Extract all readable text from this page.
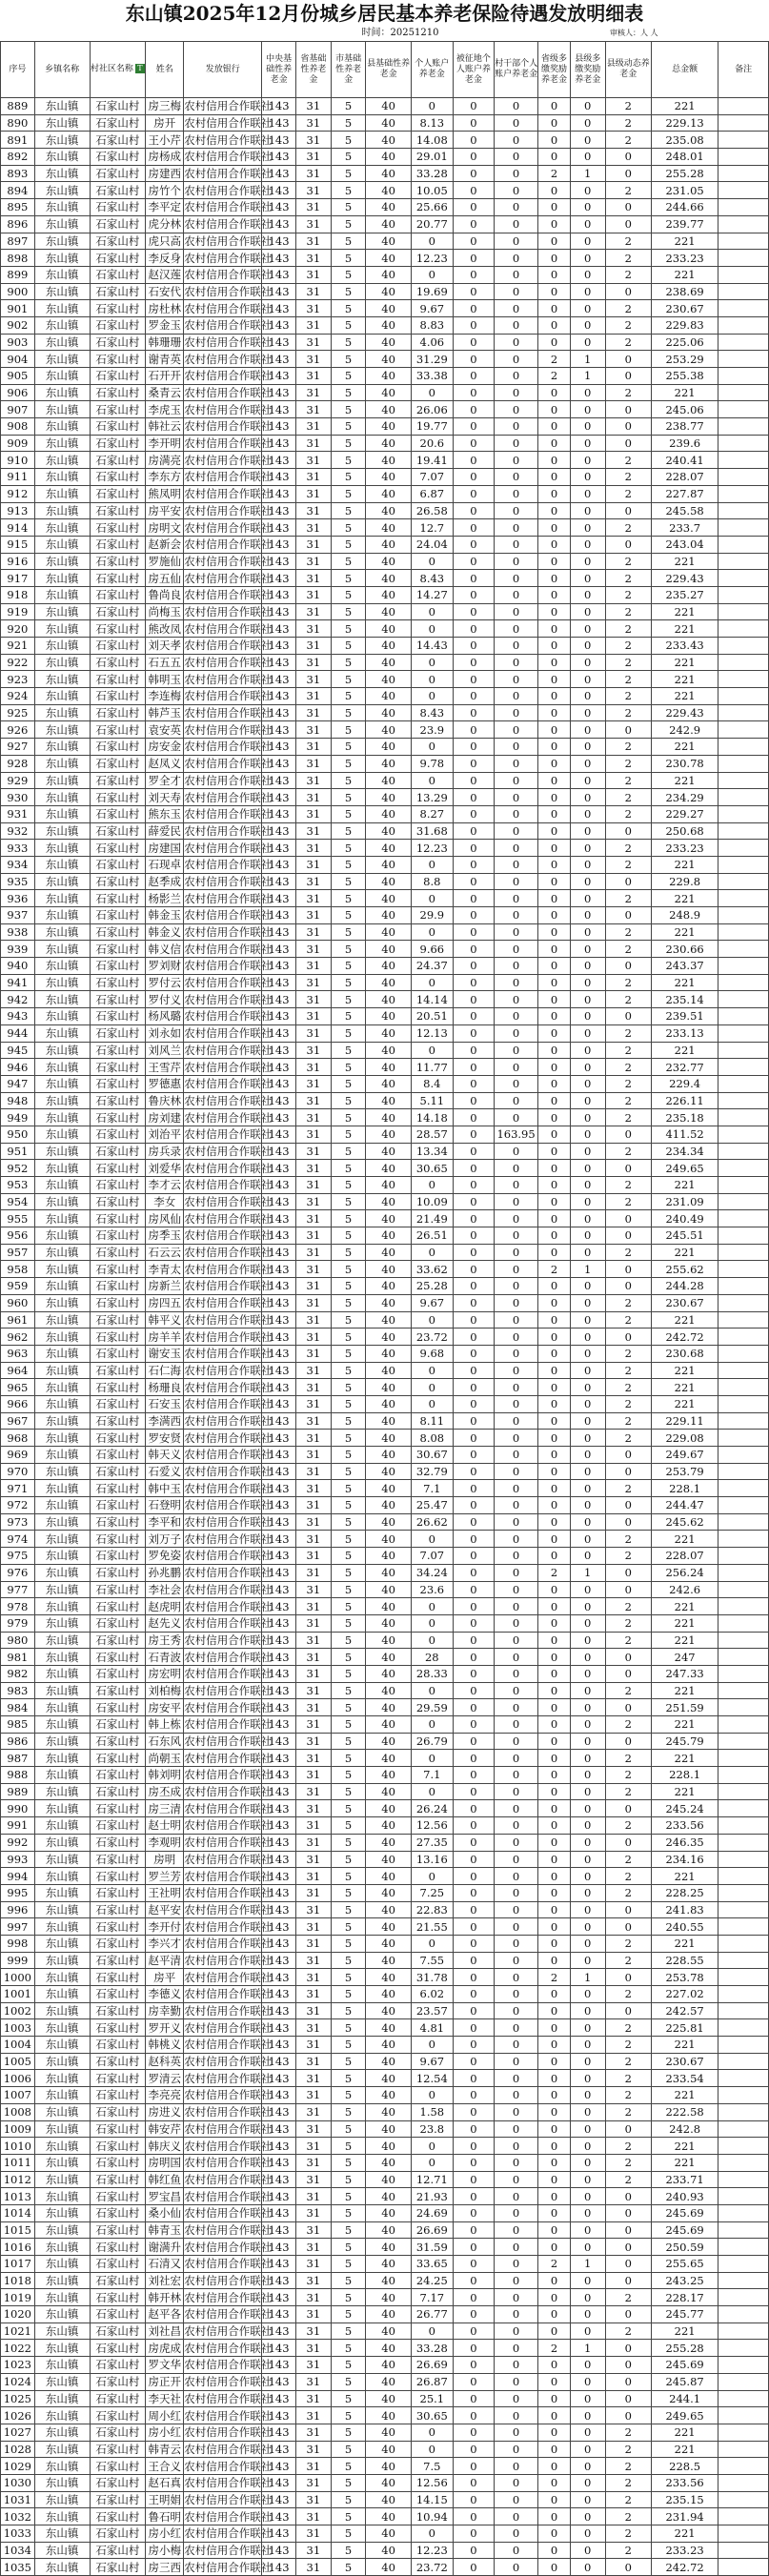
东山镇2025年12月份城乡居民基本养老保险待遇发放明细表
时间：20251210	审核人：人 人
序号	乡镇名称	村社区名称 T	姓名	发放银行	中央基础性养老金	省基础性养老金	市基础性养老金	县基础性养老金	个人账户养老金	被征地个人账户养老金	村干部个人账户养老金	省级多缴奖励养老金	县级多缴奖励养老金	县级动态养老金	总金额	备注
889	东山镇	石家山村	房三梅	农村信用合作联社	143	31	5	40	0	0	0	0	0	2	221	
890	东山镇	石家山村	房开	农村信用合作联社	143	31	5	40	8.13	0	0	0	0	2	229.13	
891	东山镇	石家山村	王小芹	农村信用合作联社	143	31	5	40	14.08	0	0	0	0	2	235.08	
892	东山镇	石家山村	房杨成	农村信用合作联社	143	31	5	40	29.01	0	0	0	0	0	248.01	
893	东山镇	石家山村	房建西	农村信用合作联社	143	31	5	40	33.28	0	0	2	1	0	255.28	
894	东山镇	石家山村	房竹个	农村信用合作联社	143	31	5	40	10.05	0	0	0	0	2	231.05	
895	东山镇	石家山村	李平定	农村信用合作联社	143	31	5	40	25.66	0	0	0	0	0	244.66	
896	东山镇	石家山村	虎分林	农村信用合作联社	143	31	5	40	20.77	0	0	0	0	0	239.77	
897	东山镇	石家山村	虎只高	农村信用合作联社	143	31	5	40	0	0	0	0	0	2	221	
898	东山镇	石家山村	李反身	农村信用合作联社	143	31	5	40	12.23	0	0	0	0	2	233.23	
899	东山镇	石家山村	赵汉莲	农村信用合作联社	143	31	5	40	0	0	0	0	0	2	221	
900	东山镇	石家山村	石安代	农村信用合作联社	143	31	5	40	19.69	0	0	0	0	0	238.69	
901	东山镇	石家山村	房杜林	农村信用合作联社	143	31	5	40	9.67	0	0	0	0	2	230.67	
902	东山镇	石家山村	罗金玉	农村信用合作联社	143	31	5	40	8.83	0	0	0	0	2	229.83	
903	东山镇	石家山村	韩珊珊	农村信用合作联社	143	31	5	40	4.06	0	0	0	0	2	225.06	
904	东山镇	石家山村	谢青英	农村信用合作联社	143	31	5	40	31.29	0	0	2	1	0	253.29	
905	东山镇	石家山村	石开开	农村信用合作联社	143	31	5	40	33.38	0	0	2	1	0	255.38	
906	东山镇	石家山村	桑青云	农村信用合作联社	143	31	5	40	0	0	0	0	0	2	221	
907	东山镇	石家山村	李虎玉	农村信用合作联社	143	31	5	40	26.06	0	0	0	0	0	245.06	
908	东山镇	石家山村	韩社云	农村信用合作联社	143	31	5	40	19.77	0	0	0	0	0	238.77	
909	东山镇	石家山村	李开明	农村信用合作联社	143	31	5	40	20.6	0	0	0	0	0	239.6	
910	东山镇	石家山村	房满亮	农村信用合作联社	143	31	5	40	19.41	0	0	0	0	2	240.41	
911	东山镇	石家山村	李东方	农村信用合作联社	143	31	5	40	7.07	0	0	0	0	2	228.07	
912	东山镇	石家山村	熊凤明	农村信用合作联社	143	31	5	40	6.87	0	0	0	0	2	227.87	
913	东山镇	石家山村	房平安	农村信用合作联社	143	31	5	40	26.58	0	0	0	0	0	245.58	
914	东山镇	石家山村	房明文	农村信用合作联社	143	31	5	40	12.7	0	0	0	0	2	233.7	
915	东山镇	石家山村	赵新会	农村信用合作联社	143	31	5	40	24.04	0	0	0	0	0	243.04	
916	东山镇	石家山村	罗施仙	农村信用合作联社	143	31	5	40	0	0	0	0	0	2	221	
917	东山镇	石家山村	房五仙	农村信用合作联社	143	31	5	40	8.43	0	0	0	0	2	229.43	
918	东山镇	石家山村	鲁尚良	农村信用合作联社	143	31	5	40	14.27	0	0	0	0	2	235.27	
919	东山镇	石家山村	尚梅玉	农村信用合作联社	143	31	5	40	0	0	0	0	0	2	221	
920	东山镇	石家山村	熊改凤	农村信用合作联社	143	31	5	40	0	0	0	0	0	2	221	
921	东山镇	石家山村	刘天孝	农村信用合作联社	143	31	5	40	14.43	0	0	0	0	2	233.43	
922	东山镇	石家山村	石五五	农村信用合作联社	143	31	5	40	0	0	0	0	0	2	221	
923	东山镇	石家山村	韩明玉	农村信用合作联社	143	31	5	40	0	0	0	0	0	2	221	
924	东山镇	石家山村	李连梅	农村信用合作联社	143	31	5	40	0	0	0	0	0	2	221	
925	东山镇	石家山村	韩芦玉	农村信用合作联社	143	31	5	40	8.43	0	0	0	0	2	229.43	
926	东山镇	石家山村	袁安英	农村信用合作联社	143	31	5	40	23.9	0	0	0	0	0	242.9	
927	东山镇	石家山村	房安金	农村信用合作联社	143	31	5	40	0	0	0	0	0	2	221	
928	东山镇	石家山村	赵凤义	农村信用合作联社	143	31	5	40	9.78	0	0	0	0	2	230.78	
929	东山镇	石家山村	罗全才	农村信用合作联社	143	31	5	40	0	0	0	0	0	2	221	
930	东山镇	石家山村	刘天寿	农村信用合作联社	143	31	5	40	13.29	0	0	0	0	2	234.29	
931	东山镇	石家山村	熊东玉	农村信用合作联社	143	31	5	40	8.27	0	0	0	0	2	229.27	
932	东山镇	石家山村	薛爱民	农村信用合作联社	143	31	5	40	31.68	0	0	0	0	0	250.68	
933	东山镇	石家山村	房建国	农村信用合作联社	143	31	5	40	12.23	0	0	0	0	2	233.23	
934	东山镇	石家山村	石现卓	农村信用合作联社	143	31	5	40	0	0	0	0	0	2	221	
935	东山镇	石家山村	赵季成	农村信用合作联社	143	31	5	40	8.8	0	0	0	0	0	229.8	
936	东山镇	石家山村	杨影兰	农村信用合作联社	143	31	5	40	0	0	0	0	0	2	221	
937	东山镇	石家山村	韩金玉	农村信用合作联社	143	31	5	40	29.9	0	0	0	0	0	248.9	
938	东山镇	石家山村	韩金义	农村信用合作联社	143	31	5	40	0	0	0	0	0	2	221	
939	东山镇	石家山村	韩义信	农村信用合作联社	143	31	5	40	9.66	0	0	0	0	2	230.66	
940	东山镇	石家山村	罗刘财	农村信用合作联社	143	31	5	40	24.37	0	0	0	0	0	243.37	
941	东山镇	石家山村	罗付云	农村信用合作联社	143	31	5	40	0	0	0	0	0	2	221	
942	东山镇	石家山村	罗付义	农村信用合作联社	143	31	5	40	14.14	0	0	0	0	2	235.14	
943	东山镇	石家山村	杨风璐	农村信用合作联社	143	31	5	40	20.51	0	0	0	0	0	239.51	
944	东山镇	石家山村	刘永如	农村信用合作联社	143	31	5	40	12.13	0	0	0	0	2	233.13	
945	东山镇	石家山村	刘风兰	农村信用合作联社	143	31	5	40	0	0	0	0	0	2	221	
946	东山镇	石家山村	王雪芹	农村信用合作联社	143	31	5	40	11.77	0	0	0	0	2	232.77	
947	东山镇	石家山村	罗德惠	农村信用合作联社	143	31	5	40	8.4	0	0	0	0	2	229.4	
948	东山镇	石家山村	鲁庆林	农村信用合作联社	143	31	5	40	5.11	0	0	0	0	2	226.11	
949	东山镇	石家山村	房刘建	农村信用合作联社	143	31	5	40	14.18	0	0	0	0	2	235.18	
950	东山镇	石家山村	刘治平	农村信用合作联社	143	31	5	40	28.57	0	163.95	0	0	0	411.52	
951	东山镇	石家山村	房兵录	农村信用合作联社	143	31	5	40	13.34	0	0	0	0	2	234.34	
952	东山镇	石家山村	刘爱华	农村信用合作联社	143	31	5	40	30.65	0	0	0	0	0	249.65	
953	东山镇	石家山村	李才云	农村信用合作联社	143	31	5	40	0	0	0	0	0	2	221	
954	东山镇	石家山村	李女	农村信用合作联社	143	31	5	40	10.09	0	0	0	0	2	231.09	
955	东山镇	石家山村	房风仙	农村信用合作联社	143	31	5	40	21.49	0	0	0	0	0	240.49	
956	东山镇	石家山村	房季玉	农村信用合作联社	143	31	5	40	26.51	0	0	0	0	0	245.51	
957	东山镇	石家山村	石云云	农村信用合作联社	143	31	5	40	0	0	0	0	0	2	221	
958	东山镇	石家山村	李青太	农村信用合作联社	143	31	5	40	33.62	0	0	2	1	0	255.62	
959	东山镇	石家山村	房新兰	农村信用合作联社	143	31	5	40	25.28	0	0	0	0	0	244.28	
960	东山镇	石家山村	房四五	农村信用合作联社	143	31	5	40	9.67	0	0	0	0	2	230.67	
961	东山镇	石家山村	韩平义	农村信用合作联社	143	31	5	40	0	0	0	0	0	2	221	
962	东山镇	石家山村	房羊羊	农村信用合作联社	143	31	5	40	23.72	0	0	0	0	0	242.72	
963	东山镇	石家山村	谢安玉	农村信用合作联社	143	31	5	40	9.68	0	0	0	0	2	230.68	
964	东山镇	石家山村	石仁海	农村信用合作联社	143	31	5	40	0	0	0	0	0	2	221	
965	东山镇	石家山村	杨珊良	农村信用合作联社	143	31	5	40	0	0	0	0	0	2	221	
966	东山镇	石家山村	石安玉	农村信用合作联社	143	31	5	40	0	0	0	0	0	2	221	
967	东山镇	石家山村	李满西	农村信用合作联社	143	31	5	40	8.11	0	0	0	0	2	229.11	
968	东山镇	石家山村	罗安贤	农村信用合作联社	143	31	5	40	8.08	0	0	0	0	2	229.08	
969	东山镇	石家山村	韩天义	农村信用合作联社	143	31	5	40	30.67	0	0	0	0	0	249.67	
970	东山镇	石家山村	石爱义	农村信用合作联社	143	31	5	40	32.79	0	0	0	0	0	253.79	
971	东山镇	石家山村	韩中玉	农村信用合作联社	143	31	5	40	7.1	0	0	0	0	2	228.1	
972	东山镇	石家山村	石登明	农村信用合作联社	143	31	5	40	25.47	0	0	0	0	0	244.47	
973	东山镇	石家山村	李平和	农村信用合作联社	143	31	5	40	26.62	0	0	0	0	0	245.62	
974	东山镇	石家山村	刘万子	农村信用合作联社	143	31	5	40	0	0	0	0	0	2	221	
975	东山镇	石家山村	罗免姿	农村信用合作联社	143	31	5	40	7.07	0	0	0	0	2	228.07	
976	东山镇	石家山村	孙兆鹏	农村信用合作联社	143	31	5	40	34.24	0	0	2	1	0	256.24	
977	东山镇	石家山村	李社会	农村信用合作联社	143	31	5	40	23.6	0	0	0	0	0	242.6	
978	东山镇	石家山村	赵虎明	农村信用合作联社	143	31	5	40	0	0	0	0	0	2	221	
979	东山镇	石家山村	赵先义	农村信用合作联社	143	31	5	40	0	0	0	0	0	2	221	
980	东山镇	石家山村	房王秀	农村信用合作联社	143	31	5	40	0	0	0	0	0	2	221	
981	东山镇	石家山村	石青波	农村信用合作联社	143	31	5	40	28	0	0	0	0	0	247	
982	东山镇	石家山村	房宏明	农村信用合作联社	143	31	5	40	28.33	0	0	0	0	0	247.33	
983	东山镇	石家山村	刘柏梅	农村信用合作联社	143	31	5	40	0	0	0	0	0	2	221	
984	东山镇	石家山村	房安平	农村信用合作联社	143	31	5	40	29.59	0	0	0	0	0	251.59	
985	东山镇	石家山村	韩上栋	农村信用合作联社	143	31	5	40	0	0	0	0	0	2	221	
986	东山镇	石家山村	石东风	农村信用合作联社	143	31	5	40	26.79	0	0	0	0	0	245.79	
987	东山镇	石家山村	尚朝玉	农村信用合作联社	143	31	5	40	0	0	0	0	0	2	221	
988	东山镇	石家山村	韩刘明	农村信用合作联社	143	31	5	40	7.1	0	0	0	0	2	228.1	
989	东山镇	石家山村	房丕成	农村信用合作联社	143	31	5	40	0	0	0	0	0	2	221	
990	东山镇	石家山村	房三清	农村信用合作联社	143	31	5	40	26.24	0	0	0	0	0	245.24	
991	东山镇	石家山村	赵士明	农村信用合作联社	143	31	5	40	12.56	0	0	0	0	2	233.56	
992	东山镇	石家山村	李观明	农村信用合作联社	143	31	5	40	27.35	0	0	0	0	0	246.35	
993	东山镇	石家山村	房明	农村信用合作联社	143	31	5	40	13.16	0	0	0	0	2	234.16	
994	东山镇	石家山村	罗兰芳	农村信用合作联社	143	31	5	40	0	0	0	0	0	2	221	
995	东山镇	石家山村	王社明	农村信用合作联社	143	31	5	40	7.25	0	0	0	0	2	228.25	
996	东山镇	石家山村	赵平安	农村信用合作联社	143	31	5	40	22.83	0	0	0	0	0	241.83	
997	东山镇	石家山村	李开付	农村信用合作联社	143	31	5	40	21.55	0	0	0	0	0	240.55	
998	东山镇	石家山村	李兴才	农村信用合作联社	143	31	5	40	0	0	0	0	0	2	221	
999	东山镇	石家山村	赵平清	农村信用合作联社	143	31	5	40	7.55	0	0	0	0	2	228.55	
1000	东山镇	石家山村	房平	农村信用合作联社	143	31	5	40	31.78	0	0	2	1	0	253.78	
1001	东山镇	石家山村	李德义	农村信用合作联社	143	31	5	40	6.02	0	0	0	0	2	227.02	
1002	东山镇	石家山村	房幸勤	农村信用合作联社	143	31	5	40	23.57	0	0	0	0	0	242.57	
1003	东山镇	石家山村	罗开义	农村信用合作联社	143	31	5	40	4.81	0	0	0	0	2	225.81	
1004	东山镇	石家山村	韩桃义	农村信用合作联社	143	31	5	40	0	0	0	0	0	2	221	
1005	东山镇	石家山村	赵科英	农村信用合作联社	143	31	5	40	9.67	0	0	0	0	2	230.67	
1006	东山镇	石家山村	罗清云	农村信用合作联社	143	31	5	40	12.54	0	0	0	0	2	233.54	
1007	东山镇	石家山村	李亮亮	农村信用合作联社	143	31	5	40	0	0	0	0	0	2	221	
1008	东山镇	石家山村	房进义	农村信用合作联社	143	31	5	40	1.58	0	0	0	0	2	222.58	
1009	东山镇	石家山村	韩安芹	农村信用合作联社	143	31	5	40	23.8	0	0	0	0	0	242.8	
1010	东山镇	石家山村	韩庆义	农村信用合作联社	143	31	5	40	0	0	0	0	0	2	221	
1011	东山镇	石家山村	房明国	农村信用合作联社	143	31	5	40	0	0	0	0	0	2	221	
1012	东山镇	石家山村	韩红鱼	农村信用合作联社	143	31	5	40	12.71	0	0	0	0	2	233.71	
1013	东山镇	石家山村	罗宝昌	农村信用合作联社	143	31	5	40	21.93	0	0	0	0	0	240.93	
1014	东山镇	石家山村	桑小仙	农村信用合作联社	143	31	5	40	24.69	0	0	0	0	0	245.69	
1015	东山镇	石家山村	韩青玉	农村信用合作联社	143	31	5	40	26.69	0	0	0	0	0	245.69	
1016	东山镇	石家山村	谢满升	农村信用合作联社	143	31	5	40	31.59	0	0	0	0	0	250.59	
1017	东山镇	石家山村	石清又	农村信用合作联社	143	31	5	40	33.65	0	0	2	1	0	255.65	
1018	东山镇	石家山村	刘社宏	农村信用合作联社	143	31	5	40	24.25	0	0	0	0	0	243.25	
1019	东山镇	石家山村	韩开林	农村信用合作联社	143	31	5	40	7.17	0	0	0	0	2	228.17	
1020	东山镇	石家山村	赵平各	农村信用合作联社	143	31	5	40	26.77	0	0	0	0	0	245.77	
1021	东山镇	石家山村	刘社昌	农村信用合作联社	143	31	5	40	0	0	0	0	0	2	221	
1022	东山镇	石家山村	房虎成	农村信用合作联社	143	31	5	40	33.28	0	0	2	1	0	255.28	
1023	东山镇	石家山村	罗文华	农村信用合作联社	143	31	5	40	26.69	0	0	0	0	0	245.69	
1024	东山镇	石家山村	房正开	农村信用合作联社	143	31	5	40	26.87	0	0	0	0	0	245.87	
1025	东山镇	石家山村	李天社	农村信用合作联社	143	31	5	40	25.1	0	0	0	0	0	244.1	
1026	东山镇	石家山村	周小红	农村信用合作联社	143	31	5	40	30.65	0	0	0	0	0	249.65	
1027	东山镇	石家山村	房小红	农村信用合作联社	143	31	5	40	0	0	0	0	0	2	221	
1028	东山镇	石家山村	韩青云	农村信用合作联社	143	31	5	40	0	0	0	0	0	2	221	
1029	东山镇	石家山村	王合义	农村信用合作联社	143	31	5	40	7.5	0	0	0	0	2	228.5	
1030	东山镇	石家山村	赵石真	农村信用合作联社	143	31	5	40	12.56	0	0	0	0	2	233.56	
1031	东山镇	石家山村	王明娟	农村信用合作联社	143	31	5	40	14.15	0	0	0	0	2	235.15	
1032	东山镇	石家山村	鲁石明	农村信用合作联社	143	31	5	40	10.94	0	0	0	0	2	231.94	
1033	东山镇	石家山村	房小红	农村信用合作联社	143	31	5	40	0	0	0	0	0	2	221	
1034	东山镇	石家山村	房小梅	农村信用合作联社	143	31	5	40	12.23	0	0	0	0	2	233.23	
1035	东山镇	石家山村	房三西	农村信用合作联社	143	31	5	40	23.72	0	0	0	0	0	242.72	
